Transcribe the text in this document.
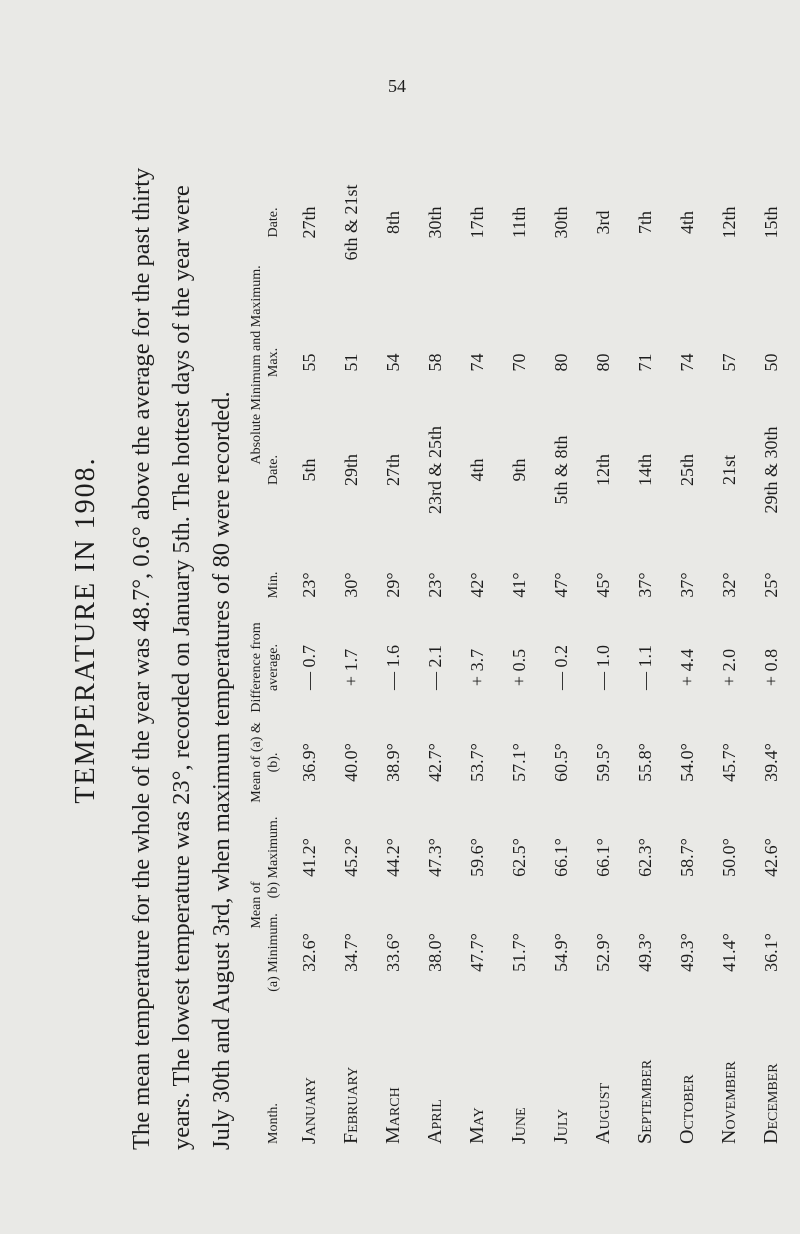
54
TEMPERATURE IN 1908. The mean temperature for the whole of the year was 48.7°, 0.6° above the average for the past thirty years. The lowest temperature was 23°, recorded on January 5th. The hottest days of the year were July 30th and August 3rd, when maximum temperatures of 80 were recorded.	Month.	Mean of		Mean of (a) & (b).	Difference from average.	Absolute Minimum and Maximum.			
	(a) Minimum.	(b) Maximum.			Min.	Date.	Max.	Date.
January	32.6°	41.2°	36.9°	— 0.7	23°	5th	55	27th
February	34.7°	45.2°	40.0°	+ 1.7	30°	29th	51	6th & 21st
March	33.6°	44.2°	38.9°	— 1.6	29°	27th	54	8th
April	38.0°	47.3°	42.7°	— 2.1	23°	23rd & 25th	58	30th
May	47.7°	59.6°	53.7°	+ 3.7	42°	4th	74	17th
June	51.7°	62.5°	57.1°	+ 0.5	41°	9th	70	11th
July	54.9°	66.1°	60.5°	— 0.2	47°	5th & 8th	80	30th
August	52.9°	66.1°	59.5°	— 1.0	45°	12th	80	3rd
September	49.3°	62.3°	55.8°	— 1.1	37°	14th	71	7th
October	49.3°	58.7°	54.0°	+ 4.4	37°	25th	74	4th
November	41.4°	50.0°	45.7°	+ 2.0	32°	21st	57	12th
December	36.1°	42.6°	39.4°	+ 0.8	25°	29th & 30th	50	15th
